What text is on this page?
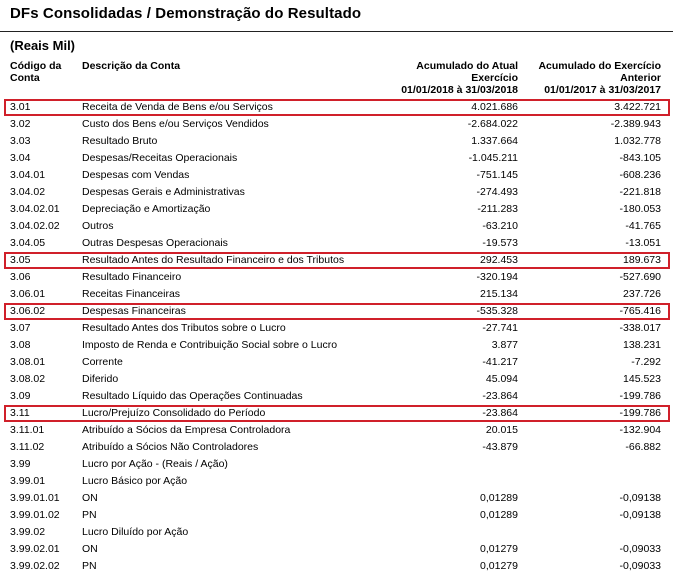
DFs Consolidadas / Demonstração do Resultado
(Reais Mil)
Código da
Conta
Descrição da Conta	Acumulado do Atual
Exercício
01/01/2018 à 31/03/2018
Acumulado do Exercício
Anterior
01/01/2017 à 31/03/2017
3.01	Receita de Venda de Bens e/ou Serviços	4.021.686	3.422.721
3.02	Custo dos Bens e/ou Serviços Vendidos	-2.684.022	-2.389.943
3.03	Resultado Bruto	1.337.664	1.032.778
3.04	Despesas/Receitas Operacionais	-1.045.211	-843.105
3.04.01	Despesas com Vendas	-751.145	-608.236
3.04.02	Despesas Gerais e Administrativas	-274.493	-221.818
3.04.02.01 Depreciação e Amortização	-211.283	-180.053
3.04.02.02 Outros	-63.210	-41.765
3.04.05	Outras Despesas Operacionais	-19.573	-13.051
3.05	Resultado Antes do Resultado Financeiro e dos Tributos	292.453	189.673
3.06	Resultado Financeiro	-320.194	-527.690
3.06.01	Receitas Financeiras	215.134	237.726
3.06.02	Despesas Financeiras	-535.328	-765.416
3.07	Resultado Antes dos Tributos sobre o Lucro	-27.741	-338.017
3.08	Imposto de Renda e Contribuição Social sobre o Lucro	3.877	138.231
3.08.01	Corrente	-41.217	-7.292
3.08.02	Diferido	45.094	145.523
3.09	Resultado Líquido das Operações Continuadas	-23.864	-199.786
3.11	Lucro/Prejuízo Consolidado do Período	-23.864	-199.786
3.11.01	Atribuído a Sócios da Empresa Controladora	20.015	-132.904
3.11.02	Atribuído a Sócios Não Controladores	-43.879	-66.882
3.99	Lucro por Ação - (Reais / Ação)
3.99.01	Lucro Básico por Ação
3.99.01.01 ON	0,01289	-0,09138
3.99.01.02 PN	0,01289	-0,09138
3.99.02	Lucro Diluído por Ação
3.99.02.01 ON	0,01279	-0,09033
3.99.02.02 PN	0,01279	-0,09033
